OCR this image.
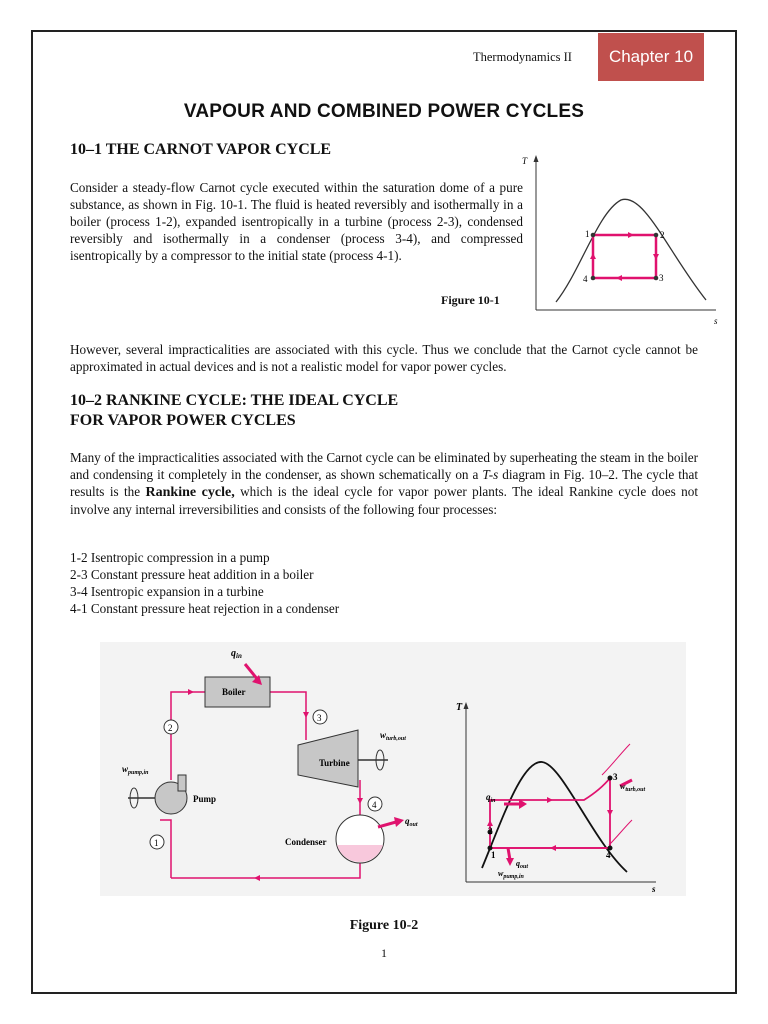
Thermodynamics II	Chapter 10
VAPOUR AND COMBINED POWER CYCLES
10–1 THE CARNOT VAPOR CYCLE
Consider a steady-flow Carnot cycle executed within the saturation dome of a pure substance, as shown in Fig. 10-1. The fluid is heated reversibly and isothermally in a boiler (process 1-2), expanded isentropically in a turbine (process 2-3), condensed reversibly and isothermally in a condenser (process 3-4), and compressed isentropically by a compressor to the initial state (process 4-1).
T
s
1	2
3
4
Figure 10-1
However, several impracticalities are associated with this cycle. Thus we conclude that the Carnot cycle cannot be approximated in actual devices and is not a realistic model for vapor power cycles.
10–2 RANKINE CYCLE: THE IDEAL CYCLE
FOR VAPOR POWER CYCLES
Many of the impracticalities associated with the Carnot cycle can be eliminated by superheating the steam in the boiler and condensing it completely in the condenser, as shown schematically on a T-s diagram in Fig. 10–2. The cycle that results is the Rankine cycle, which is the ideal cycle for vapor power plants. The ideal Rankine cycle does not involve any internal irreversibilities and consists of the following four processes:
1-2 Isentropic compression in a pump
2-3 Constant pressure heat addition in a boiler
3-4 Isentropic expansion in a turbine
4-1 Constant pressure heat rejection in a condenser
Boiler
$q_{in}$
Turbine
$w_{turb,out}$
Pump
$w_{pump,in}$
Condenser
$q_{out}$
2
3
4
1
T
s
3
4
1
2
$q_{in}$
$q_{out}$
$w_{pump,in}$
$w_{turb,out}$
Figure 10-2
1
